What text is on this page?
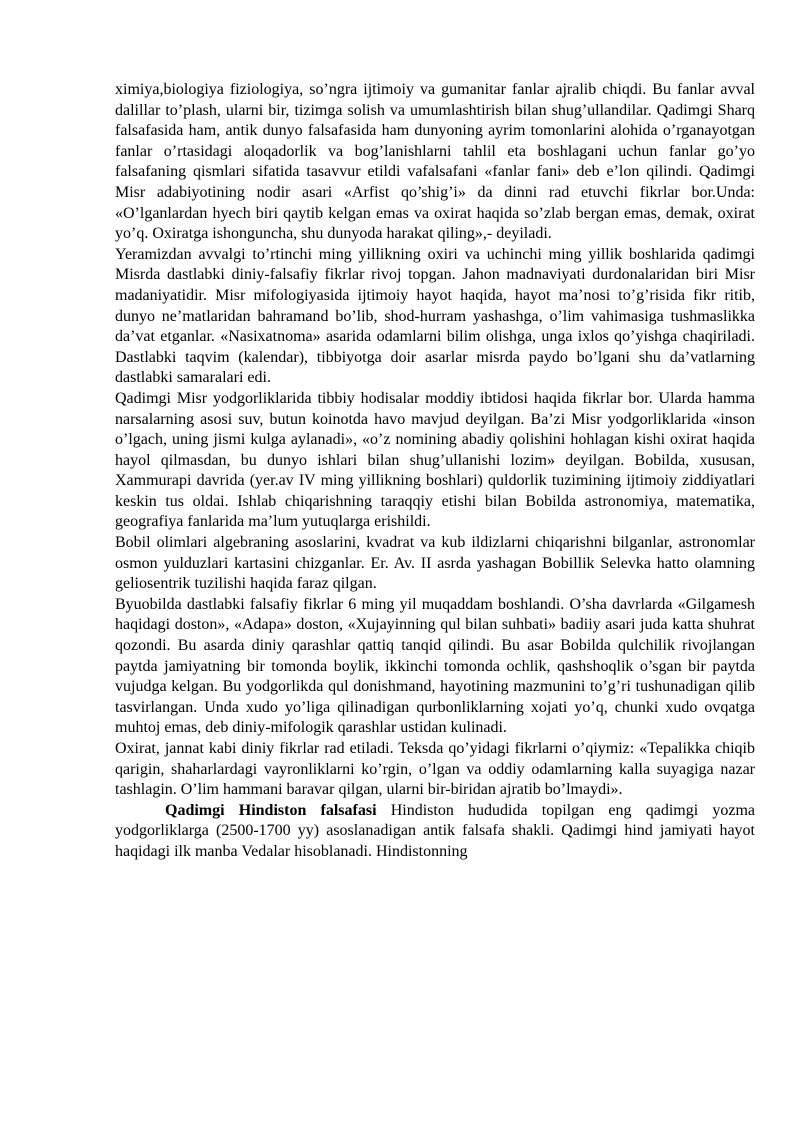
ximiya,biologiya fiziologiya, so’ngra ijtimoiy va gumanitar fanlar ajralib chiqdi. Bu fanlar avval dalillar to’plash, ularni bir, tizimga solish va umumlashtirish bilan shug’ullandilar. Qadimgi Sharq falsafasida ham, antik dunyo falsafasida ham dunyoning ayrim tomonlarini alohida o’rganayotgan fanlar o’rtasidagi aloqadorlik va bog’lanishlarni tahlil eta boshlagani uchun fanlar go’yo falsafaning qismlari sifatida tasavvur etildi vafalsafani «fanlar fani» deb e’lon qilindi. Qadimgi Misr adabiyotining nodir asari «Arfist qo’shig’i» da dinni rad etuvchi fikrlar bor.Unda: «O’lganlardan hyech biri qaytib kelgan emas va oxirat haqida so’zlab bergan emas, demak, oxirat yo’q. Oxiratga ishonguncha, shu dunyoda harakat qiling»,- deyiladi.

Yeramizdan avvalgi to’rtinchi ming yillikning oxiri va uchinchi ming yillik boshlarida qadimgi Misrda dastlabki diniy-falsafiy fikrlar rivoj topgan. Jahon madnaviyati durdonalaridan biri Misr madaniyatidir. Misr mifologiyasida ijtimoiy hayot haqida, hayot ma’nosi to’g’risida fikr ritib, dunyo ne’matlaridan bahramand bo’lib, shod-hurram yashashga, o’lim vahimasiga tushmaslikka da’vat etganlar. «Nasixatnoma» asarida odamlarni bilim olishga, unga ixlos qo’yishga chaqiriladi. Dastlabki taqvim (kalendar), tibbiyotga doir asarlar misrda paydo bo’lgani shu da’vatlarning dastlabki samaralari edi.

Qadimgi Misr yodgorliklarida tibbiy hodisalar moddiy ibtidosi haqida fikrlar bor. Ularda hamma narsalarning asosi suv, butun koinotda havo mavjud deyilgan. Ba’zi Misr yodgorliklarida «inson o’lgach, uning jismi kulga aylanadi», «o’z nomining abadiy qolishini hohlagan kishi oxirat haqida hayol qilmasdan, bu dunyo ishlari bilan shug’ullanishi lozim» deyilgan. Bobilda, xususan, Xammurapi davrida (yer.av IV ming yillikning boshlari) quldorlik tuzimining ijtimoiy ziddiyatlari keskin tus oldai. Ishlab chiqarishning taraqqiy etishi bilan Bobilda astronomiya, matematika, geografiya fanlarida ma’lum yutuqlarga erishildi.

Bobil olimlari algebraning asoslarini, kvadrat va kub ildizlarni chiqarishni bilganlar, astronomlar osmon yulduzlari kartasini chizganlar. Er. Av. II asrda yashagan Bobillik Selevka hatto olamning geliosentrik tuzilishi haqida faraz qilgan.

Byuobilda dastlabki falsafiy fikrlar 6 ming yil muqaddam boshlandi. O’sha davrlarda «Gilgamesh haqidagi doston», «Adapa» doston, «Xujayinning qul bilan suhbati» badiiy asari juda katta shuhrat qozondi. Bu asarda diniy qarashlar qattiq tanqid qilindi. Bu asar Bobilda qulchilik rivojlangan paytda jamiyatning bir tomonda boylik, ikkinchi tomonda ochlik, qashshoqlik o’sgan bir paytda vujudga kelgan. Bu yodgorlikda qul donishmand, hayotining mazmunini to’g’ri tushunadigan qilib tasvirlangan. Unda xudo yo’liga qilinadigan qurbonliklarning xojati yo’q, chunki xudo ovqatga muhtoj emas, deb diniy-mifologik qarashlar ustidan kulinadi.

Oxirat, jannat kabi diniy fikrlar rad etiladi. Teksda qo’yidagi fikrlarni o’qiymiz: «Tepalikka chiqib qarigin, shaharlardagi vayronliklarni ko’rgin, o’lgan va oddiy odamlarning kalla suyagiga nazar tashlagin. O’lim hammani baravar qilgan, ularni bir-biridan ajratib bo’lmaydi».

Qadimgi Hindiston falsafasi Hindiston hududida topilgan eng qadimgi yozma yodgorliklarga (2500-1700 yy) asoslanadigan antik falsafa shakli. Qadimgi hind jamiyati hayot haqidagi ilk manba Vedalar hisoblanadi. Hindistonning
